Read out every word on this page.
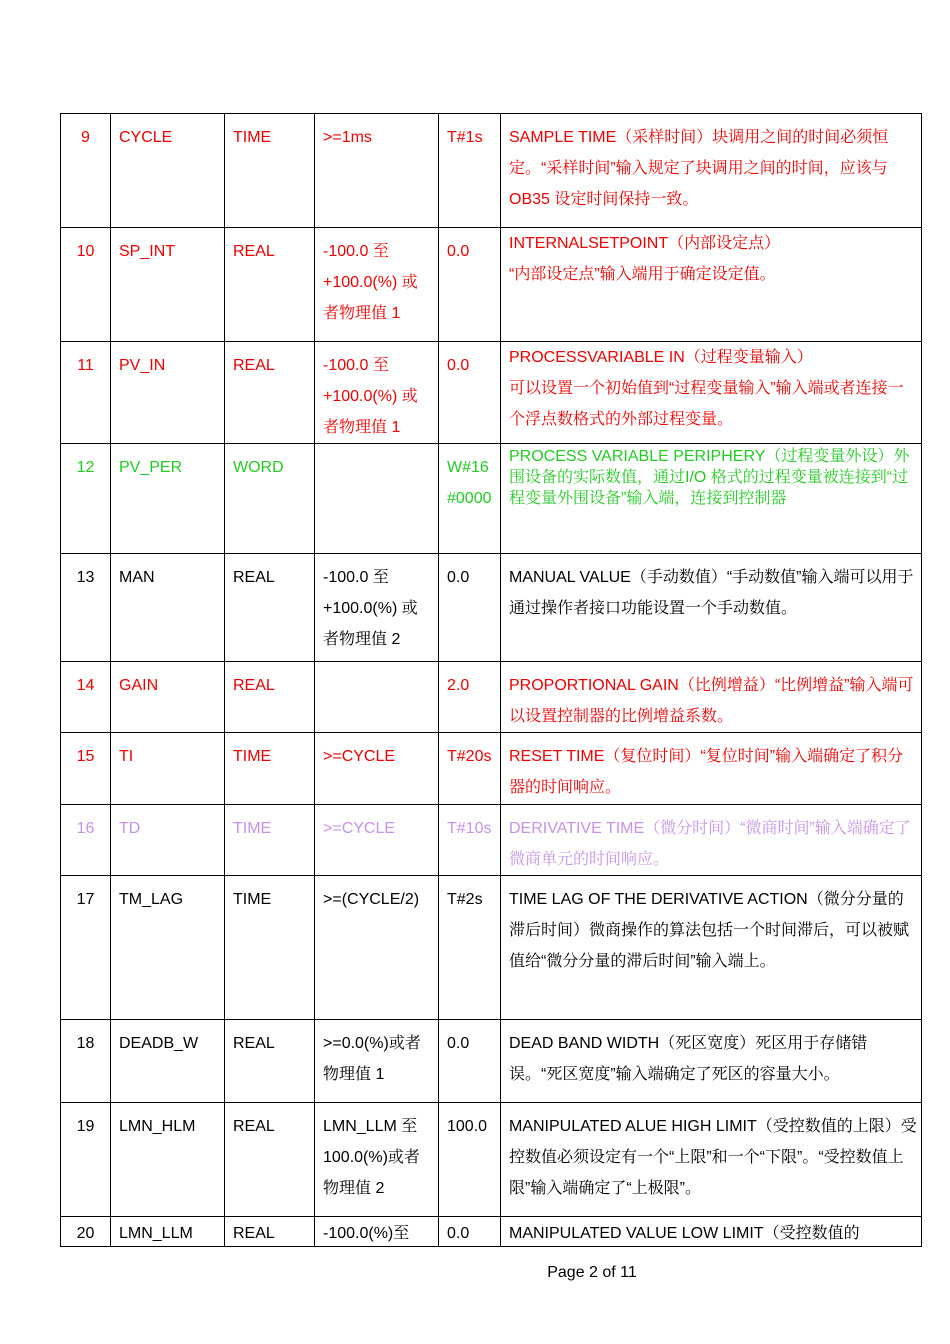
9	CYCLE	TIME	>=1ms	T#1s	SAMPLE TIME（采样时间）块调用之间的时间必须恒定。“采样时间”输入规定了块调用之间的时间，应该与 OB35 设定时间保持一致。
10	SP_INT	REAL	-100.0 至 +100.0(%) 或者物理值 1	0.0	INTERNALSETPOINT（内部设定点）
“内部设定点”输入端用于确定设定值。
11	PV_IN	REAL	-100.0 至 +100.0(%) 或者物理值 1	0.0	PROCESSVARIABLE IN（过程变量输入）
可以设置一个初始值到“过程变量输入”输入端或者连接一个浮点数格式的外部过程变量。
12	PV_PER	WORD		W#16#0000	PROCESS VARIABLE PERIPHERY（过程变量外设）外围设备的实际数值，通过I/O 格式的过程变量被连接到“过程变量外围设备”输入端，连接到控制器
13	MAN	REAL	-100.0 至 +100.0(%) 或者物理值 2	0.0	MANUAL VALUE（手动数值）“手动数值”输入端可以用于通过操作者接口功能设置一个手动数值。
14	GAIN	REAL		2.0	PROPORTIONAL GAIN（比例增益）“比例增益”输入端可以设置控制器的比例增益系数。
15	TI	TIME	>=CYCLE	T#20s	RESET TIME（复位时间）“复位时间”输入端确定了积分器的时间响应。
16	TD	TIME	>=CYCLE	T#10s	DERIVATIVE TIME（微分时间）“微商时间”输入端确定了微商单元的时间响应。
17	TM_LAG	TIME	>=(CYCLE/2)	T#2s	TIME LAG OF THE DERIVATIVE ACTION（微分分量的滞后时间）微商操作的算法包括一个时间滞后，可以被赋值给“微分分量的滞后时间”输入端上。
18	DEADB_W	REAL	>=0.0(%)或者物理值 1	0.0	DEAD BAND WIDTH（死区宽度）死区用于存储错误。“死区宽度”输入端确定了死区的容量大小。
19	LMN_HLM	REAL	LMN_LLM 至 100.0(%)或者物理值 2	100.0	MANIPULATED ALUE HIGH LIMIT（受控数值的上限）受控数值必须设定有一个“上限”和一个“下限”。“受控数值上限”输入端确定了“上极限”。
20	LMN_LLM	REAL	-100.0(%)至	0.0	MANIPULATED VALUE LOW LIMIT（受控数值的
Page 2 of 11
